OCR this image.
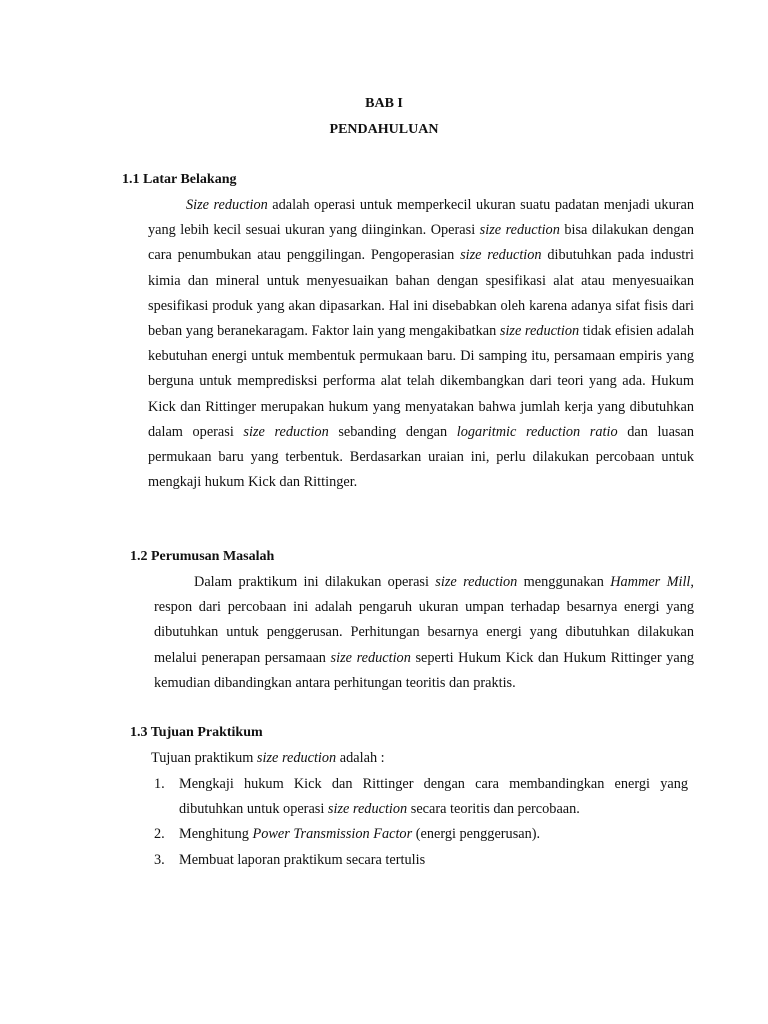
BAB I
PENDAHULUAN
1.1 Latar Belakang

Size reduction adalah operasi untuk memperkecil ukuran suatu padatan menjadi ukuran yang lebih kecil sesuai ukuran yang diinginkan. Operasi size reduction bisa dilakukan dengan cara penumbukan atau penggilingan. Pengoperasian size reduction dibutuhkan pada industri kimia dan mineral untuk menyesuaikan bahan dengan spesifikasi alat atau menyesuaikan spesifikasi produk yang akan dipasarkan. Hal ini disebabkan oleh karena adanya sifat fisis dari beban yang beranekaragam. Faktor lain yang mengakibatkan size reduction tidak efisien adalah kebutuhan energi untuk membentuk permukaan baru. Di samping itu, persamaan empiris yang berguna untuk mempredisksi performa alat telah dikembangkan dari teori yang ada. Hukum Kick dan Rittinger merupakan hukum yang menyatakan bahwa jumlah kerja yang dibutuhkan dalam operasi size reduction sebanding dengan logaritmic reduction ratio dan luasan permukaan baru yang terbentuk. Berdasarkan uraian ini, perlu dilakukan percobaan untuk mengkaji hukum Kick dan Rittinger.

1.2 Perumusan Masalah

Dalam praktikum ini dilakukan operasi size reduction menggunakan Hammer Mill, respon dari percobaan ini adalah pengaruh ukuran umpan terhadap besarnya energi yang dibutuhkan untuk penggerusan. Perhitungan besarnya energi yang dibutuhkan dilakukan melalui penerapan persamaan size reduction seperti Hukum Kick dan Hukum Rittinger yang kemudian dibandingkan antara perhitungan teoritis dan praktis.

1.3 Tujuan Praktikum

Tujuan praktikum size reduction adalah :

1. Mengkaji hukum Kick dan Rittinger dengan cara membandingkan energi yang dibutuhkan untuk operasi size reduction secara teoritis dan percobaan.
2. Menghitung Power Transmission Factor (energi penggerusan).
3. Membuat laporan praktikum secara tertulis
